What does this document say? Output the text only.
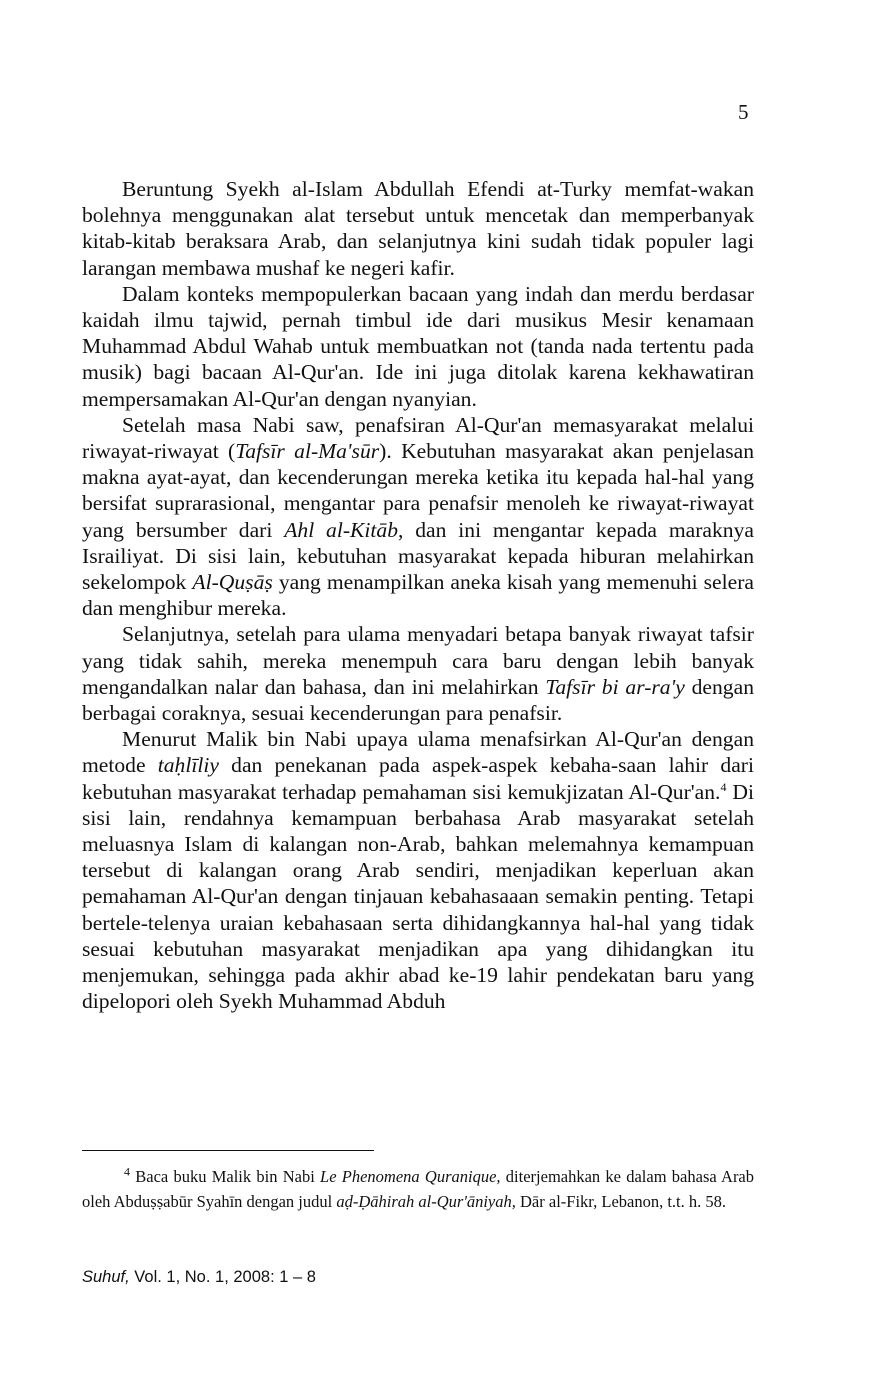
5

Beruntung Syekh al-Islam Abdullah Efendi at-Turky memfat-wakan bolehnya menggunakan alat tersebut untuk mencetak dan memperbanyak kitab-kitab beraksara Arab, dan selanjutnya kini sudah tidak populer lagi larangan membawa mushaf ke negeri kafir.

Dalam konteks mempopulerkan bacaan yang indah dan merdu berdasar kaidah ilmu tajwid, pernah timbul ide dari musikus Mesir kenamaan Muhammad Abdul Wahab untuk membuatkan not (tanda nada tertentu pada musik) bagi bacaan Al-Qur'an. Ide ini juga ditolak karena kekhawatiran mempersamakan Al-Qur'an dengan nyanyian.

Setelah masa Nabi saw, penafsiran Al-Qur'an memasyarakat melalui riwayat-riwayat (Tafsīr al-Ma'sūr). Kebutuhan masyarakat akan penjelasan makna ayat-ayat, dan kecenderungan mereka ketika itu kepada hal-hal yang bersifat suprarasional, mengantar para penafsir menoleh ke riwayat-riwayat yang bersumber dari Ahl al-Kitāb, dan ini mengantar kepada maraknya Israiliyat. Di sisi lain, kebutuhan masyarakat kepada hiburan melahirkan sekelompok Al-Quṣāṣ yang menampilkan aneka kisah yang memenuhi selera dan menghibur mereka.

Selanjutnya, setelah para ulama menyadari betapa banyak riwayat tafsir yang tidak sahih, mereka menempuh cara baru dengan lebih banyak mengandalkan nalar dan bahasa, dan ini melahirkan Tafsīr bi ar-ra'y dengan berbagai coraknya, sesuai kecenderungan para penafsir.

Menurut Malik bin Nabi upaya ulama menafsirkan Al-Qur'an dengan metode taḥlīliy dan penekanan pada aspek-aspek kebaha-saan lahir dari kebutuhan masyarakat terhadap pemahaman sisi kemukjizatan Al-Qur'an.$^4$ Di sisi lain, rendahnya kemampuan berbahasa Arab masyarakat setelah meluasnya Islam di kalangan non-Arab, bahkan melemahnya kemampuan tersebut di kalangan orang Arab sendiri, menjadikan keperluan akan pemahaman Al-Qur'an dengan tinjauan kebahasaaan semakin penting. Tetapi bertele-telenya uraian kebahasaan serta dihidangkannya hal-hal yang tidak sesuai kebutuhan masyarakat menjadikan apa yang dihidangkan itu menjemukan, sehingga pada akhir abad ke-19 lahir pendekatan baru yang dipelopori oleh Syekh Muhammad Abduh

$^4$ Baca buku Malik bin Nabi Le Phenomena Quranique, diterjemahkan ke dalam bahasa Arab oleh Abduṣṣabūr Syahīn dengan judul aḍ-Ḍāhirah al-Qur'āniyah, Dār al-Fikr, Lebanon, t.t. h. 58.
Suhuf, Vol. 1, No. 1, 2008: 1 – 8
